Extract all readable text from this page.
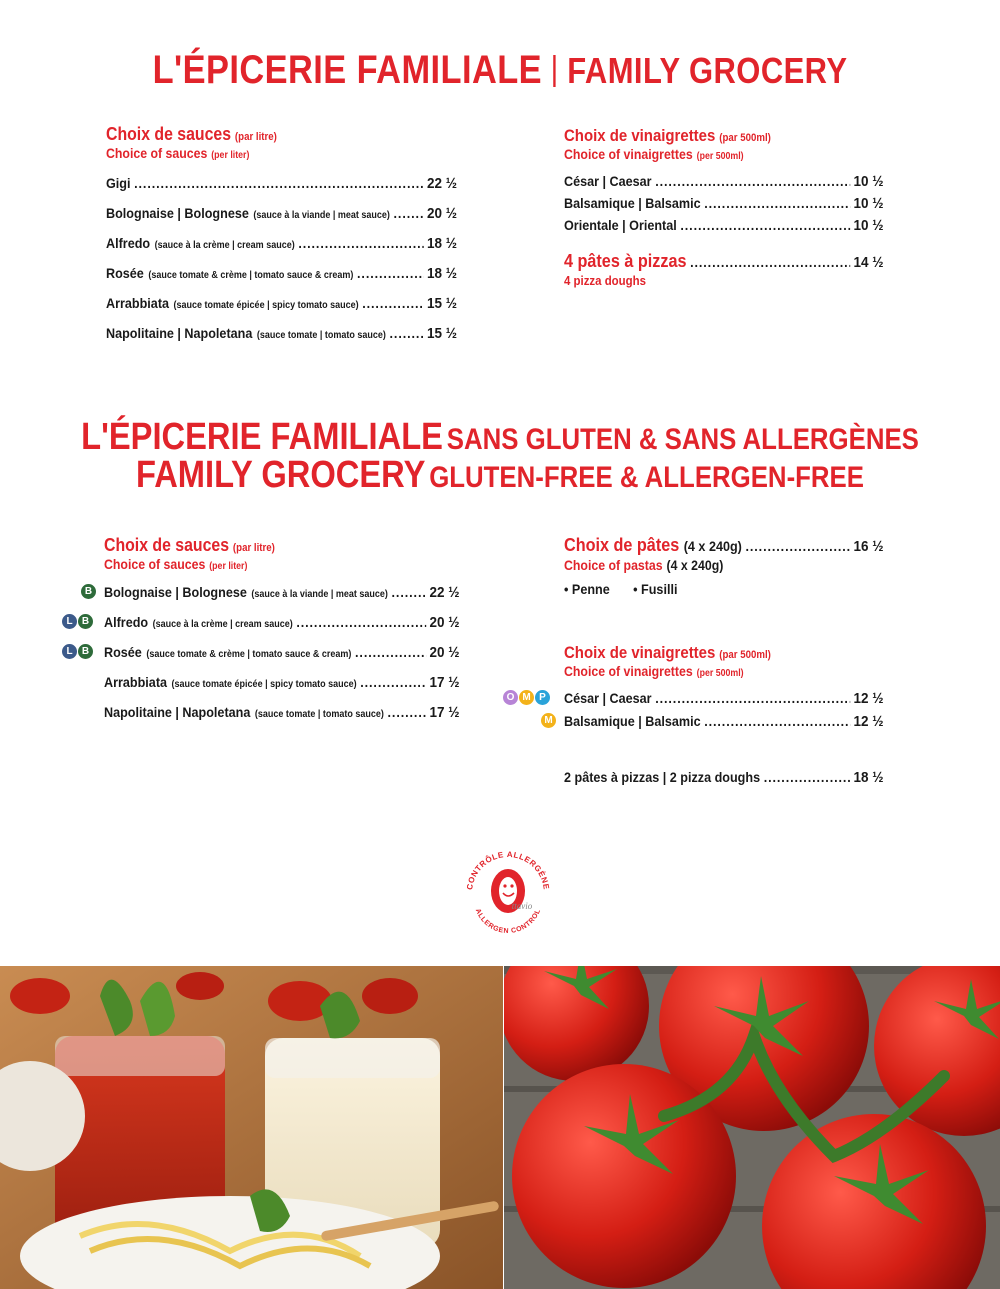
L'ÉPICERIE FAMILIALE | FAMILY GROCERY
Choix de sauces (par litre)
Choice of sauces (per liter)
Gigi .....	22 ½
Bolognaise | Bolognese (sauce à la viande | meat sauce) ..... 20 ½
Alfredo (sauce à la crème | cream sauce) .....	18 ½
Rosée (sauce tomate & crème | tomato sauce & cream) .....	18 ½
Arrabbiata (sauce tomate épicée | spicy tomato sauce) .....	15 ½
Napolitaine | Napoletana (sauce tomate | tomato sauce) .....	15 ½
Choix de vinaigrettes (par 500ml)
Choice of vinaigrettes (per 500ml)
César | Caesar .....	10 ½
Balsamique | Balsamic .....	10 ½
Orientale | Oriental .....	10 ½
4 pâtes à pizzas .....	14 ½
4 pizza doughs
L'ÉPICERIE FAMILIALE SANS GLUTEN & SANS ALLERGÈNES
FAMILY GROCERY GLUTEN-FREE & ALLERGEN-FREE
Choix de sauces (par litre)
Choice of sauces (per liter)
B Bolognaise | Bolognese (sauce à la viande | meat sauce) .....	22 ½
L B Alfredo (sauce à la crème | cream sauce) .....	20 ½
L B Rosée (sauce tomate & crème | tomato sauce & cream) .....	20 ½
Arrabbiata (sauce tomate épicée | spicy tomato sauce) .....	17 ½
Napolitaine | Napoletana (sauce tomate | tomato sauce) .....	17 ½
Choix de pâtes (4 x 240g) .....	16 ½
Choice of pastas (4 x 240g)
• Penne • Fusilli
Choix de vinaigrettes (par 500ml)
Choice of vinaigrettes (per 500ml)
O M P César | Caesar .....	12 ½
M Balsamique | Balsamic .....	12 ½
2 pâtes à pizzas | 2 pizza doughs .....	18 ½
CONTRÔLE ALLERGÈNE
ALLERGEN CONTROL
ttavio
